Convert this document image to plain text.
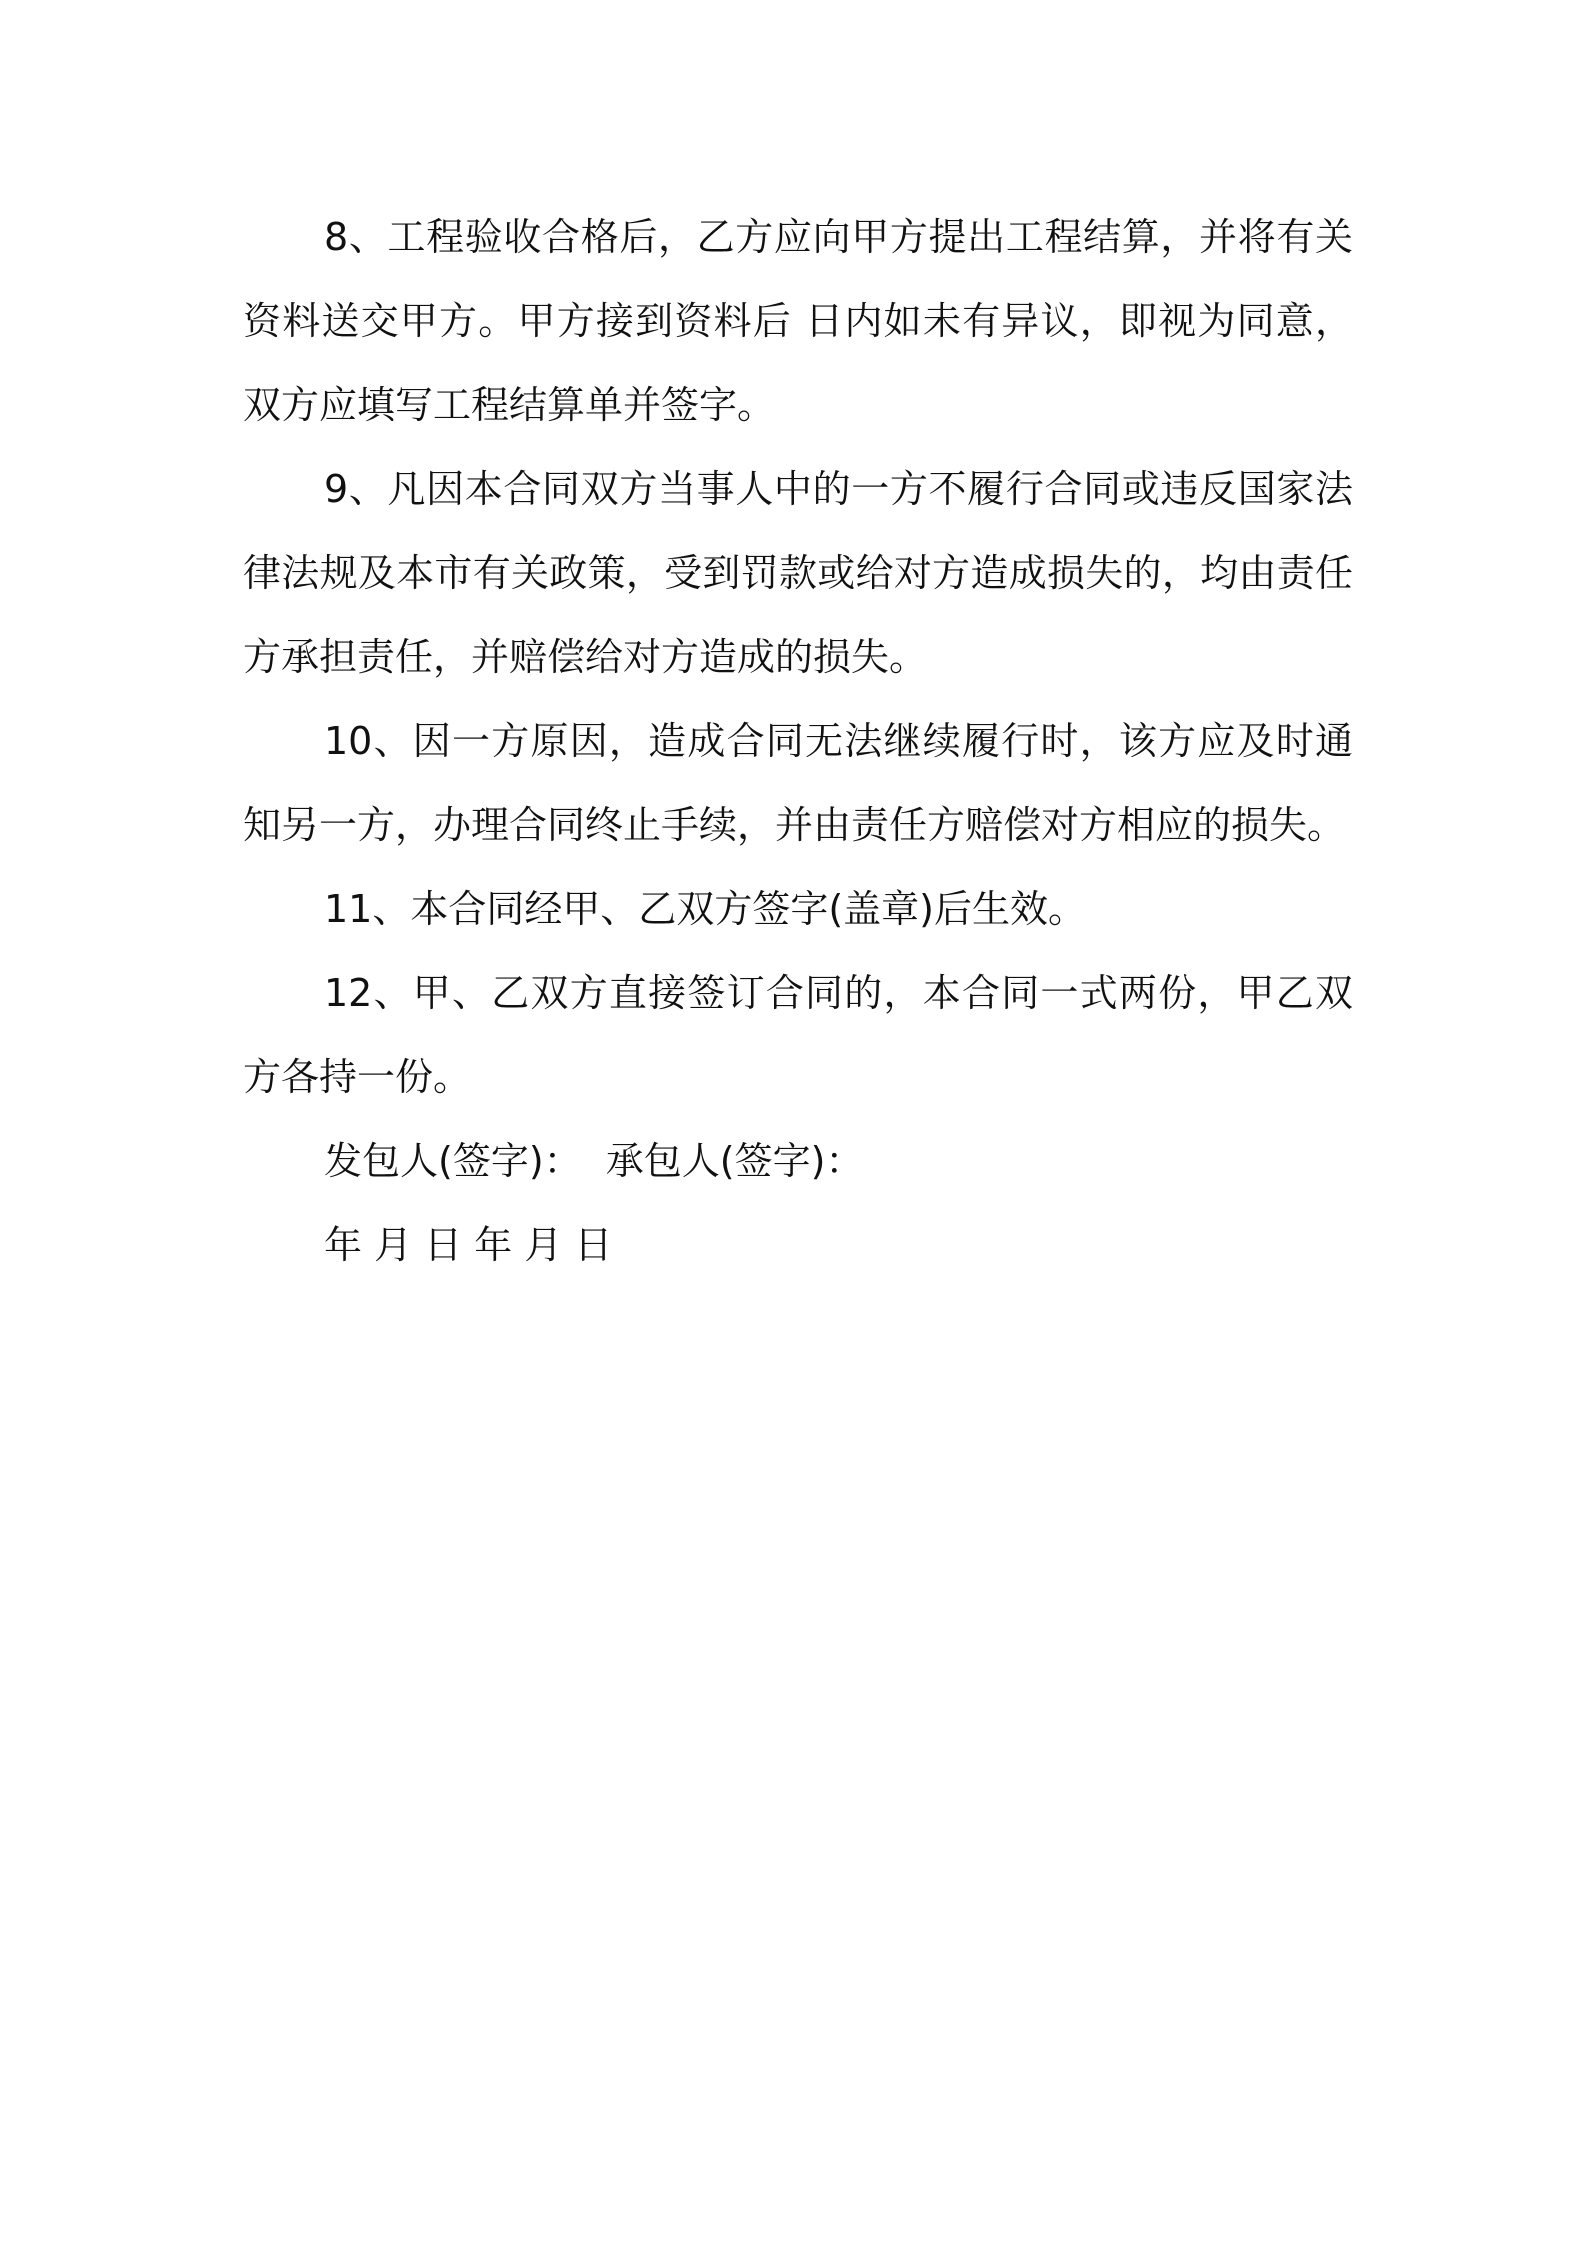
8、工程验收合格后，乙方应向甲方提出工程结算，并将有关资料送交甲方。甲方接到资料后 日内如未有异议，即视为同意，双方应填写工程结算单并签字。

9、凡因本合同双方当事人中的一方不履行合同或违反国家法律法规及本市有关政策，受到罚款或给对方造成损失的，均由责任方承担责任，并赔偿给对方造成的损失。

10、因一方原因，造成合同无法继续履行时，该方应及时通知另一方，办理合同终止手续，并由责任方赔偿对方相应的损失。

11、本合同经甲、乙双方签字(盖章)后生效。

12、甲、乙双方直接签订合同的，本合同一式两份，甲乙双方各持一份。

发包人(签字)：  承包人(签字)：

年 月 日 年 月 日
